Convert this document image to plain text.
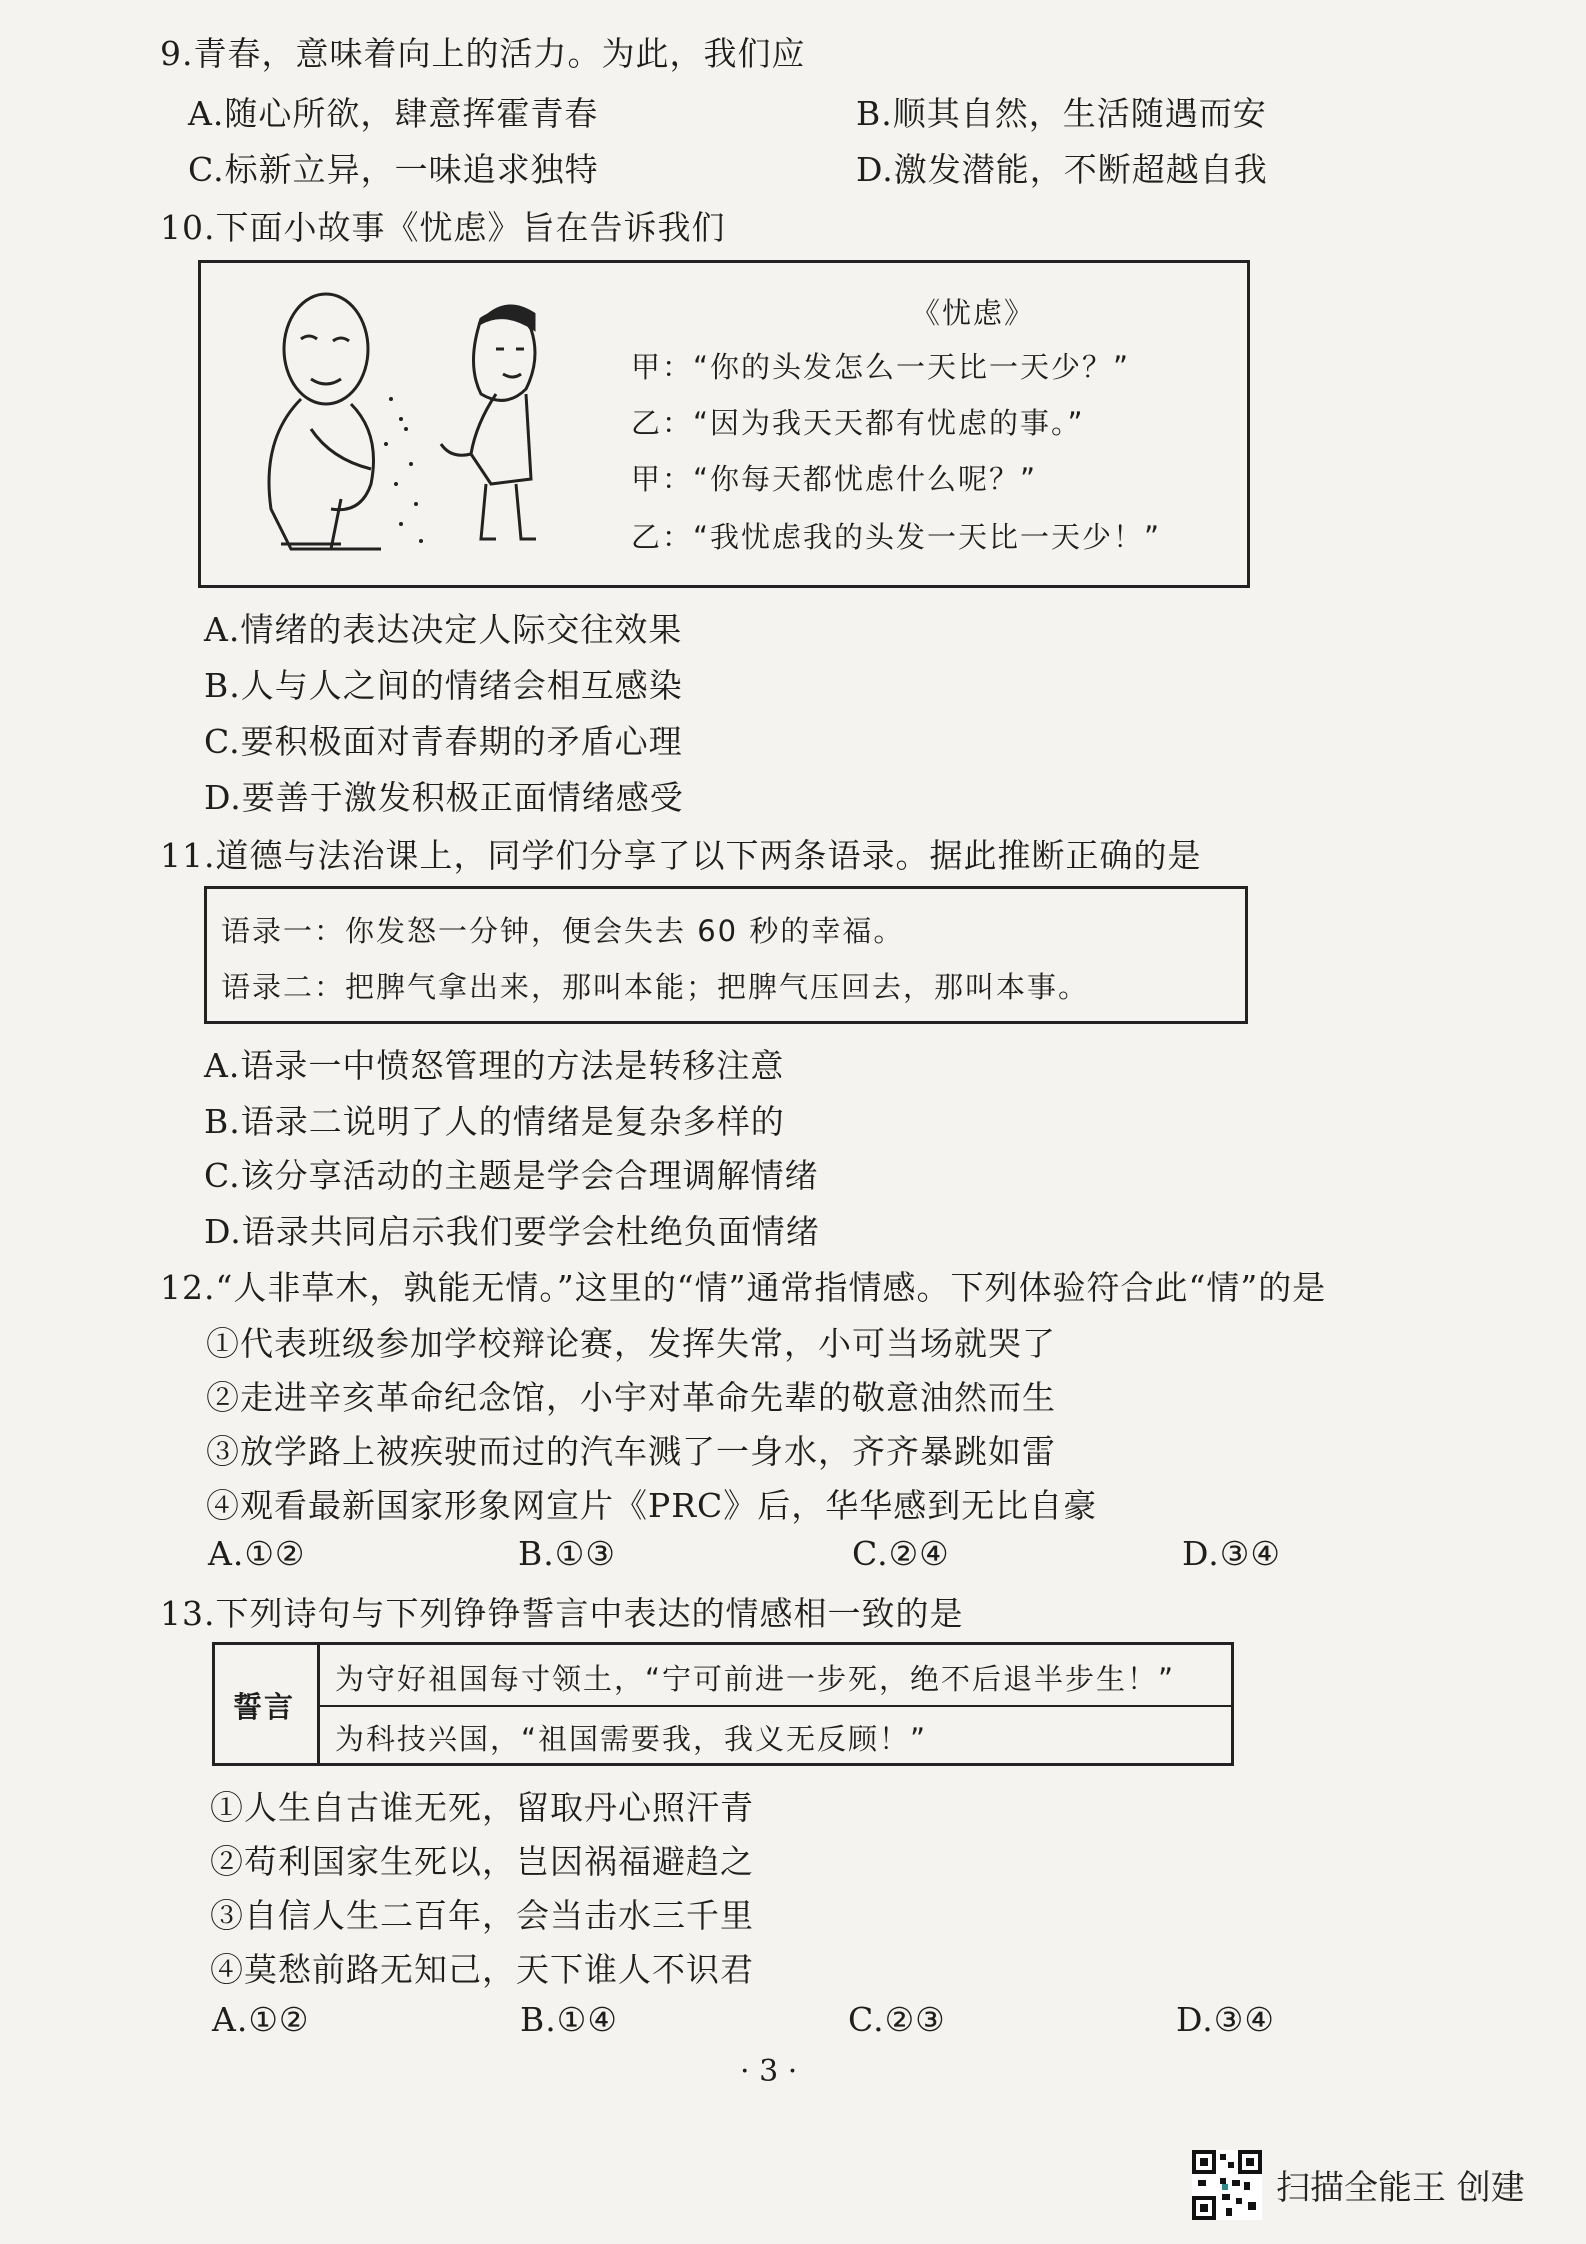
9.青春，意味着向上的活力。为此，我们应
A.随心所欲，肆意挥霍青春	B.顺其自然，生活随遇而安
C.标新立异，一味追求独特	D.激发潜能，不断超越自我
10.下面小故事《忧虑》旨在告诉我们
《忧虑》
甲：“你的头发怎么一天比一天少？”
乙：“因为我天天都有忧虑的事。”
甲：“你每天都忧虑什么呢？”
乙：“我忧虑我的头发一天比一天少！”
A.情绪的表达决定人际交往效果
B.人与人之间的情绪会相互感染
C.要积极面对青春期的矛盾心理
D.要善于激发积极正面情绪感受
11.道德与法治课上，同学们分享了以下两条语录。据此推断正确的是
语录一：你发怒一分钟，便会失去 60 秒的幸福。
语录二：把脾气拿出来，那叫本能；把脾气压回去，那叫本事。
A.语录一中愤怒管理的方法是转移注意
B.语录二说明了人的情绪是复杂多样的
C.该分享活动的主题是学会合理调解情绪
D.语录共同启示我们要学会杜绝负面情绪
12.“人非草木，孰能无情。”这里的“情”通常指情感。下列体验符合此“情”的是
①代表班级参加学校辩论赛，发挥失常，小可当场就哭了
②走进辛亥革命纪念馆，小宇对革命先辈的敬意油然而生
③放学路上被疾驶而过的汽车溅了一身水，齐齐暴跳如雷
④观看最新国家形象网宣片《PRC》后，华华感到无比自豪
A.①②	B.①③	C.②④	D.③④
13.下列诗句与下列铮铮誓言中表达的情感相一致的是
誓言
为守好祖国每寸领土，“宁可前进一步死，绝不后退半步生！”
为科技兴国，“祖国需要我，我义无反顾！”
①人生自古谁无死，留取丹心照汗青
②苟利国家生死以，岂因祸福避趋之
③自信人生二百年，会当击水三千里
④莫愁前路无知己，天下谁人不识君
A.①②	B.①④	C.②③	D.③④
· 3 ·
扫描全能王 创建
